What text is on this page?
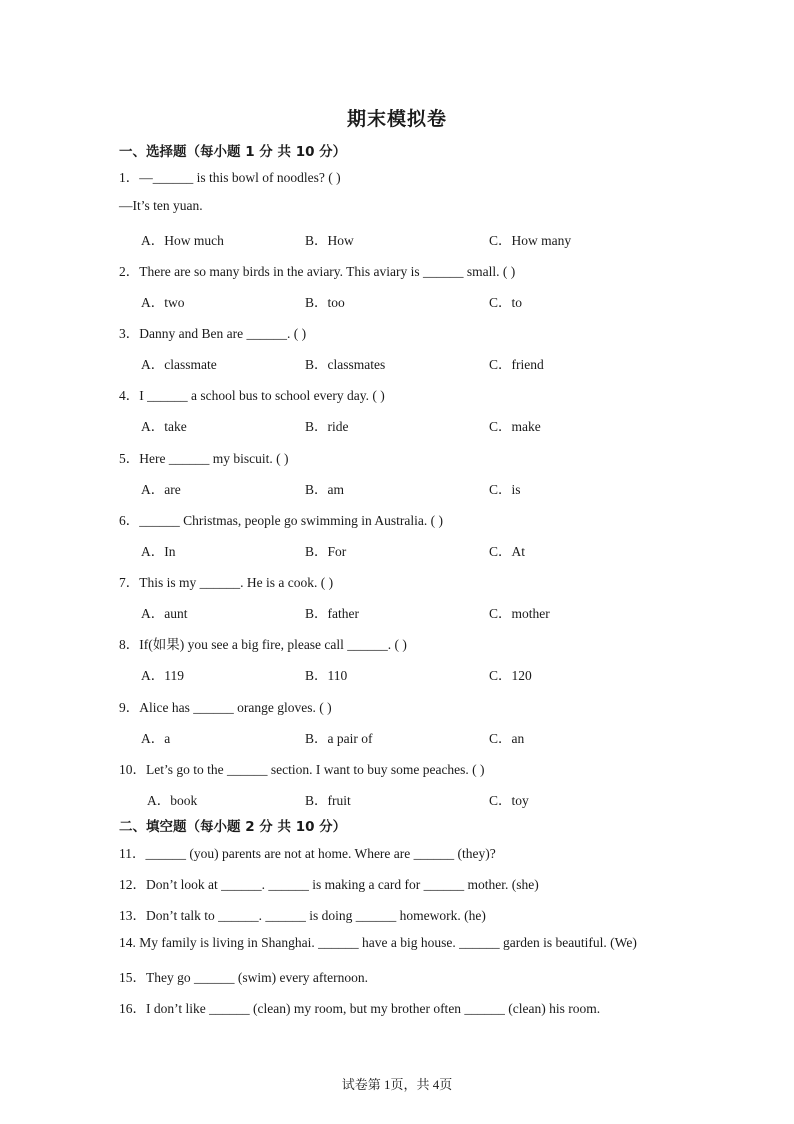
期末模拟卷
一、选择题（每小题 1 分 共 10 分）
1．—______ is this bowl of noodles? ( )
—It’s ten yuan.
A．How much	B．How	C．How many
2．There are so many birds in the aviary. This aviary is ______ small. ( )
A．two	B．too	C．to
3．Danny and Ben are ______. ( )
A．classmate	B．classmates	C．friend
4．I ______ a school bus to school every day. ( )
A．take	B．ride	C．make
5．Here ______ my biscuit. ( )
A．are	B．am	C．is
6．______ Christmas, people go swimming in Australia. ( )
A．In	B．For	C．At
7．This is my ______. He is a cook. ( )
A．aunt	B．father	C．mother
8．If(如果) you see a big fire, please call ______. ( )
A．119	B．110	C．120
9．Alice has ______ orange gloves. ( )
A．a	B．a pair of	C．an
10．Let’s go to the ______ section. I want to buy some peaches. ( )
A．book	B．fruit	C．toy
二、填空题（每小题 2 分 共 10 分）
11．______ (you) parents are not at home. Where are ______ (they)?
12．Don’t look at ______. ______ is making a card for ______ mother. (she)
13．Don’t talk to ______. ______ is doing ______ homework. (he)
14. My family is living in Shanghai. ______ have a big house. ______ garden is beautiful. (We)
15．They go ______ (swim) every afternoon.
16．I don’t like ______ (clean) my room, but my brother often ______ (clean) his room.
试卷第 1页，共 4页
